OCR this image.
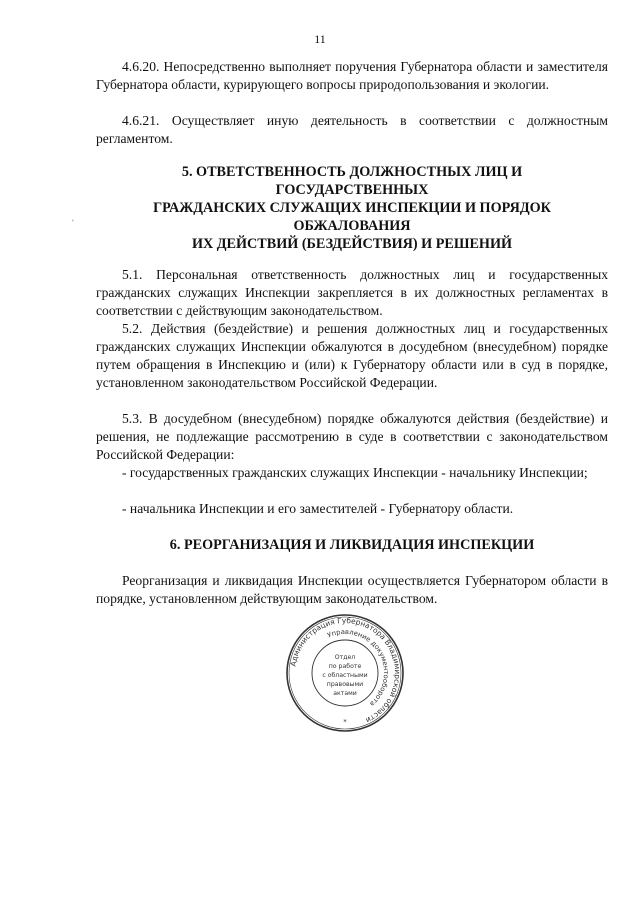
11

4.6.20. Непосредственно выполняет поручения Губернатора области и заместителя Губернатора области, курирующего вопросы природопользования и экологии.

4.6.21. Осуществляет иную деятельность в соответствии с должностным регламентом.

5. ОТВЕТСТВЕННОСТЬ ДОЛЖНОСТНЫХ ЛИЦ И
ГОСУДАРСТВЕННЫХ
ГРАЖДАНСКИХ СЛУЖАЩИХ ИНСПЕКЦИИ И ПОРЯДОК
ОБЖАЛОВАНИЯ
ИХ ДЕЙСТВИЙ (БЕЗДЕЙСТВИЯ) И РЕШЕНИЙ
′

5.1. Персональная ответственность должностных лиц и государственных гражданских служащих Инспекции закрепляется в их должностных регламентах в соответствии с действующим законодательством.

5.2. Действия (бездействие) и решения должностных лиц и государственных гражданских служащих Инспекции обжалуются в досудебном (внесудебном) порядке путем обращения в Инспекцию и (или) к Губернатору области или в суд в порядке, установленном законодательством Российской Федерации.

5.3. В досудебном (внесудебном) порядке обжалуются действия (бездействие) и решения, не подлежащие рассмотрению в суде в соответствии с законодательством Российской Федерации:

- государственных гражданских служащих Инспекции - начальнику Инспекции;

- начальника Инспекции и его заместителей - Губернатору области.

6. РЕОРГАНИЗАЦИЯ И ЛИКВИДАЦИЯ ИНСПЕКЦИИ

Реорганизация и ликвидация Инспекции осуществляется Губернатором области в порядке, установленном действующим законодательством.

Администрация Губернатора Владимирской области
Управление документооборота
Отдел
по работе
с областными
правовыми
актами
*
